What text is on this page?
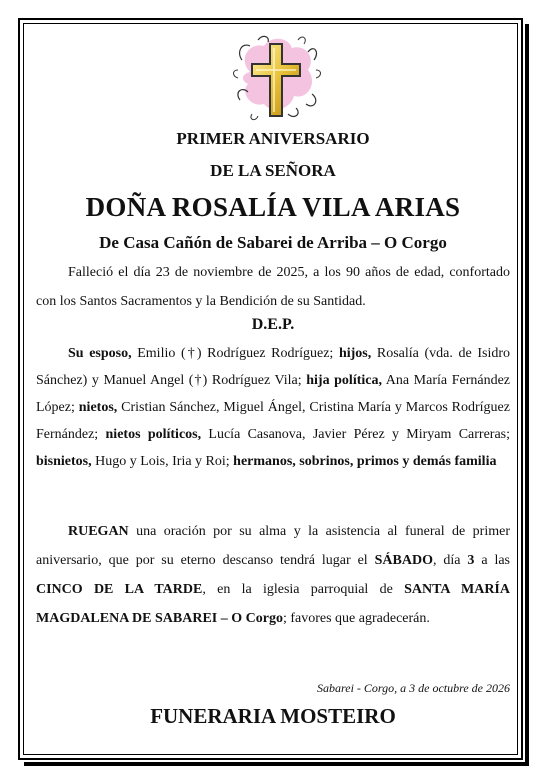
PRIMER ANIVERSARIO
DE LA SEÑORA
DOÑA ROSALÍA VILA ARIAS
De Casa Cañón de Sabarei de Arriba – O Corgo
Falleció el día 23 de noviembre de 2025, a los 90 años de edad, confortado con los Santos Sacramentos y la Bendición de su Santidad.
D.E.P.
Su esposo, Emilio (†) Rodríguez Rodríguez; hijos, Rosalía (vda. de Isidro Sánchez) y Manuel Angel (†) Rodríguez Vila; hija política, Ana María Fernández López; nietos, Cristian Sánchez, Miguel Ángel, Cristina María y Marcos Rodríguez Fernández; nietos políticos, Lucía Casanova, Javier Pérez y Miryam Carreras; bisnietos, Hugo y Lois, Iria y Roi; hermanos, sobrinos, primos y demás familia
RUEGAN una oración por su alma y la asistencia al funeral de primer aniversario, que por su eterno descanso tendrá lugar el SÁBADO, día 3 a las CINCO DE LA TARDE, en la iglesia parroquial de SANTA MARÍA MAGDALENA DE SABAREI – O Corgo; favores que agradecerán.
Sabarei - Corgo, a 3 de octubre de 2026
FUNERARIA MOSTEIRO
